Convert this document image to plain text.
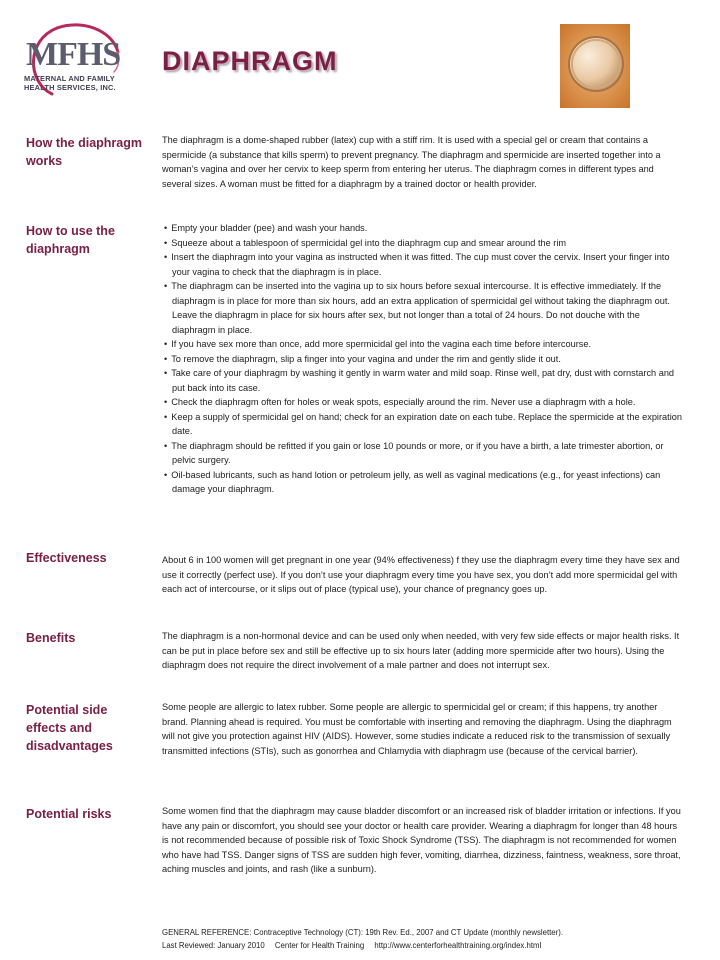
MFHS
MATERNAL AND FAMILY HEALTH SERVICES, INC.
DIAPHRAGM
How the diaphragm works
The diaphragm is a dome-shaped rubber (latex) cup with a stiff rim. It is used with a special gel or cream that contains a spermicide (a substance that kills sperm) to prevent pregnancy. The diaphragm and spermicide are inserted together into a woman’s vagina and over her cervix to keep sperm from entering her uterus. The diaphragm comes in different types and several sizes. A woman must be fitted for a diaphragm by a trained doctor or health provider.
How to use the diaphragm
• Empty your bladder (pee) and wash your hands.
• Squeeze about a tablespoon of spermicidal gel into the diaphragm cup and smear around the rim
• Insert the diaphragm into your vagina as instructed when it was fitted. The cup must cover the cervix. Insert your finger into your vagina to check that the diaphragm is in place.
• The diaphragm can be inserted into the vagina up to six hours before sexual intercourse. It is effective immediately. If the diaphragm is in place for more than six hours, add an extra application of spermicidal gel without taking the diaphragm out. Leave the diaphragm in place for six hours after sex, but not longer than a total of 24 hours. Do not douche with the diaphragm in place.
• If you have sex more than once, add more spermicidal gel into the vagina each time before intercourse.
• To remove the diaphragm, slip a finger into your vagina and under the rim and gently slide it out.
• Take care of your diaphragm by washing it gently in warm water and mild soap. Rinse well, pat dry, dust with cornstarch and put back into its case.
• Check the diaphragm often for holes or weak spots, especially around the rim. Never use a diaphragm with a hole.
• Keep a supply of spermicidal gel on hand; check for an expiration date on each tube. Replace the spermicide at the expiration date.
• The diaphragm should be refitted if you gain or lose 10 pounds or more, or if you have a birth, a late trimester abortion, or pelvic surgery.
• Oil-based lubricants, such as hand lotion or petroleum jelly, as well as vaginal medications (e.g., for yeast infections) can damage your diaphragm.
Effectiveness	About 6 in 100 women will get pregnant in one year (94% effectiveness) f they use the diaphragm every time they have sex and use it correctly (perfect use). If you don’t use your diaphragm every time you have sex, you don’t add more spermicidal gel with each act of intercourse, or it slips out of place (typical use), your chance of pregnancy goes up.
Benefits	The diaphragm is a non-hormonal device and can be used only when needed, with very few side effects or major health risks. It can be put in place before sex and still be effective up to six hours later (adding more spermicide after two hours). Using the diaphragm does not require the direct involvement of a male partner and does not interrupt sex.
Potential side effects and disadvantages
Some people are allergic to latex rubber. Some people are allergic to spermicidal gel or cream; if this happens, try another brand. Planning ahead is required. You must be comfortable with inserting and removing the diaphragm. Using the diaphragm will not give you protection against HIV (AIDS). However, some studies indicate a reduced risk to the transmission of sexually transmitted infections (STIs), such as gonorrhea and Chlamydia with diaphragm use (because of the cervical barrier).
Potential risks	Some women find that the diaphragm may cause bladder discomfort or an increased risk of bladder irritation or infections. If you have any pain or discomfort, you should see your doctor or health care provider. Wearing a diaphragm for longer than 48 hours is not recommended because of possible risk of Toxic Shock Syndrome (TSS). The diaphragm is not recommended for women who have had TSS. Danger signs of TSS are sudden high fever, vomiting, diarrhea, dizziness, faintness, weakness, sore throat, aching muscles and joints, and rash (like a sunburn).
GENERAL REFERENCE: Contraceptive Technology (CT): 19th Rev. Ed., 2007 and CT Update (monthly newsletter).
Last Reviewed: January 2010 Center for Health Training http://www.centerforhealthtraining.org/index.html
